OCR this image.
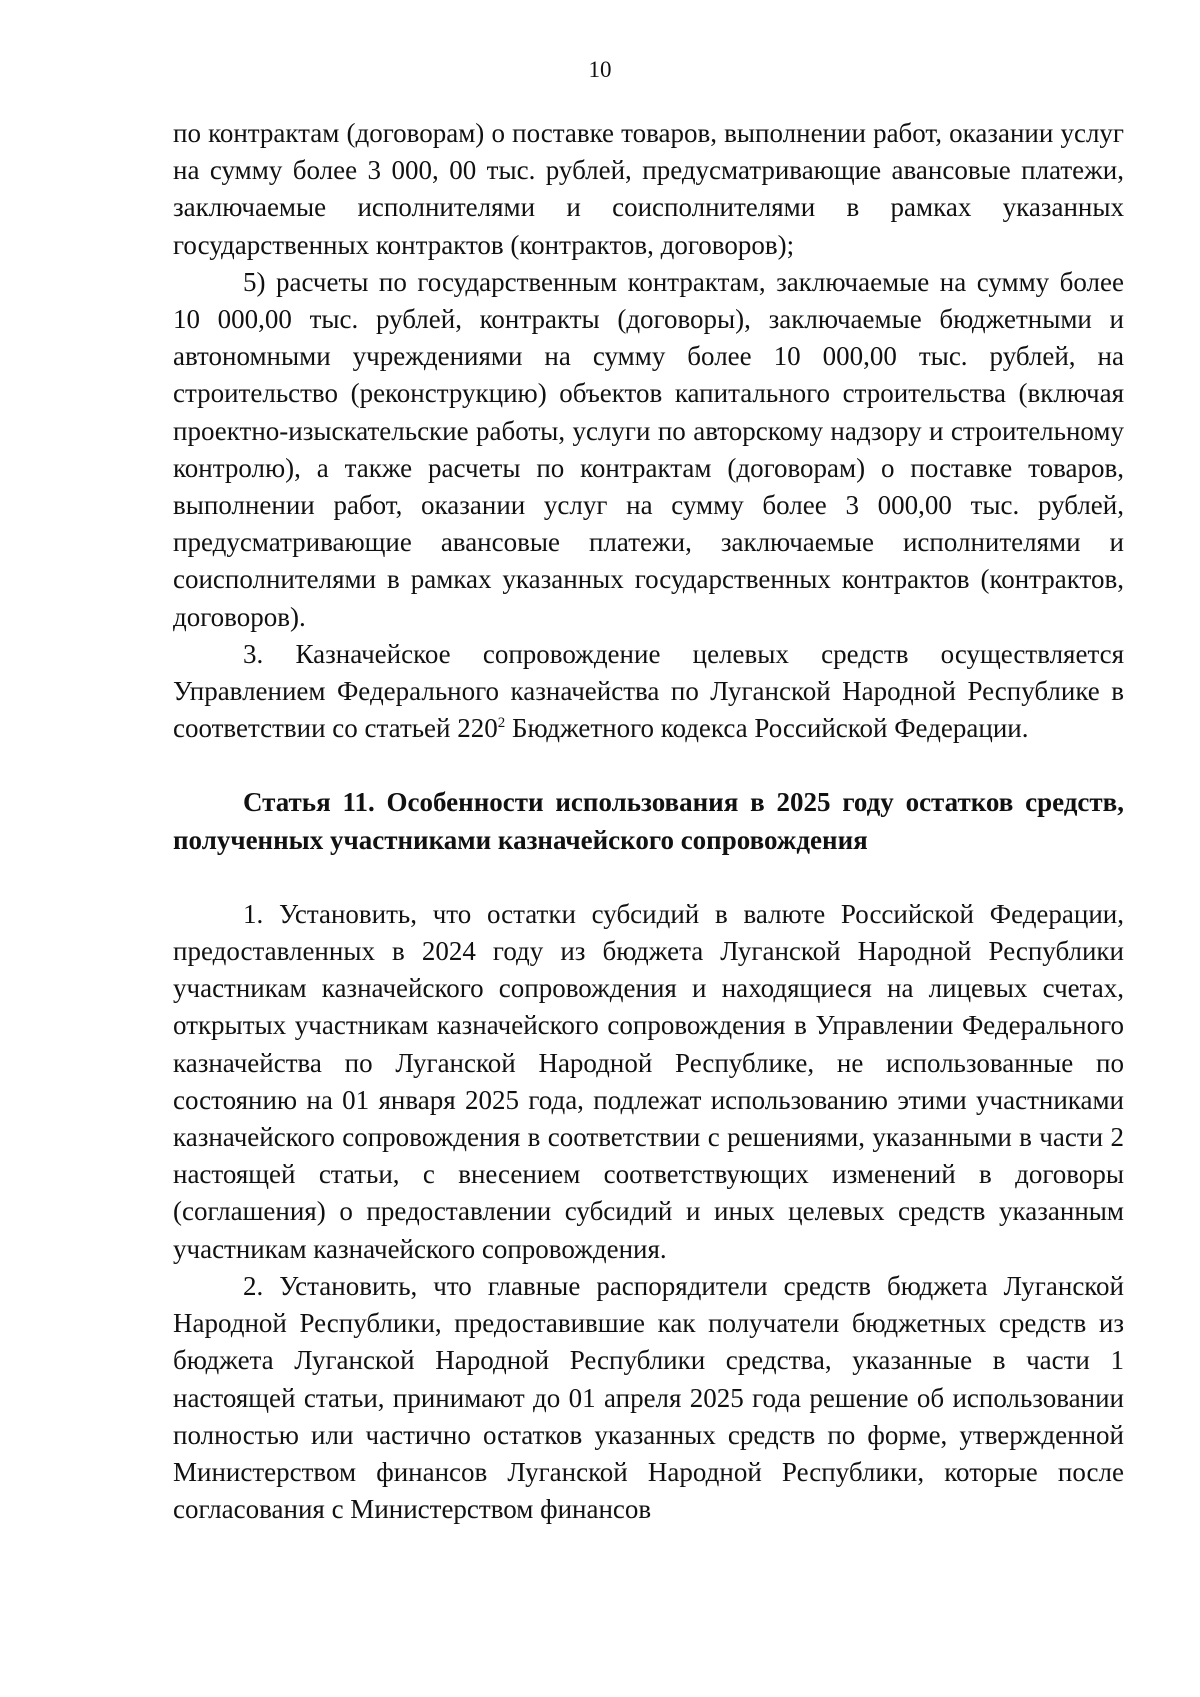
10

по контрактам (договорам) о поставке товаров, выполнении работ, оказании услуг на сумму более 3 000, 00 тыс. рублей, предусматривающие авансовые платежи, заключаемые исполнителями и соисполнителями в рамках указанных государственных контрактов (контрактов, договоров);

5) расчеты по государственным контрактам, заключаемые на сумму более 10 000,00 тыс. рублей, контракты (договоры), заключаемые бюджетными и автономными учреждениями на сумму более 10 000,00 тыс. рублей, на строительство (реконструкцию) объектов капитального строительства (включая проектно-изыскательские работы, услуги по авторскому надзору и строительному контролю), а также расчеты по контрактам (договорам) о поставке товаров, выполнении работ, оказании услуг на сумму более 3 000,00 тыс. рублей, предусматривающие авансовые платежи, заключаемые исполнителями и соисполнителями в рамках указанных государственных контрактов (контрактов, договоров).

3. Казначейское сопровождение целевых средств осуществляется Управлением Федерального казначейства по Луганской Народной Республике в соответствии со статьей $220^2$ Бюджетного кодекса Российской Федерации.

Статья 11. Особенности использования в 2025 году остатков средств, полученных участниками казначейского сопровождения

1. Установить, что остатки субсидий в валюте Российской Федерации, предоставленных в 2024 году из бюджета Луганской Народной Республики участникам казначейского сопровождения и находящиеся на лицевых счетах, открытых участникам казначейского сопровождения в Управлении Федерального казначейства по Луганской Народной Республике, не использованные по состоянию на 01 января 2025 года, подлежат использованию этими участниками казначейского сопровождения в соответствии с решениями, указанными в части 2 настоящей статьи, с внесением соответствующих изменений в договоры (соглашения) о предоставлении субсидий и иных целевых средств указанным участникам казначейского сопровождения.

2. Установить, что главные распорядители средств бюджета Луганской Народной Республики, предоставившие как получатели бюджетных средств из бюджета Луганской Народной Республики средства, указанные в части 1 настоящей статьи, принимают до 01 апреля 2025 года решение об использовании полностью или частично остатков указанных средств по форме, утвержденной Министерством финансов Луганской Народной Республики, которые после согласования с Министерством финансов
